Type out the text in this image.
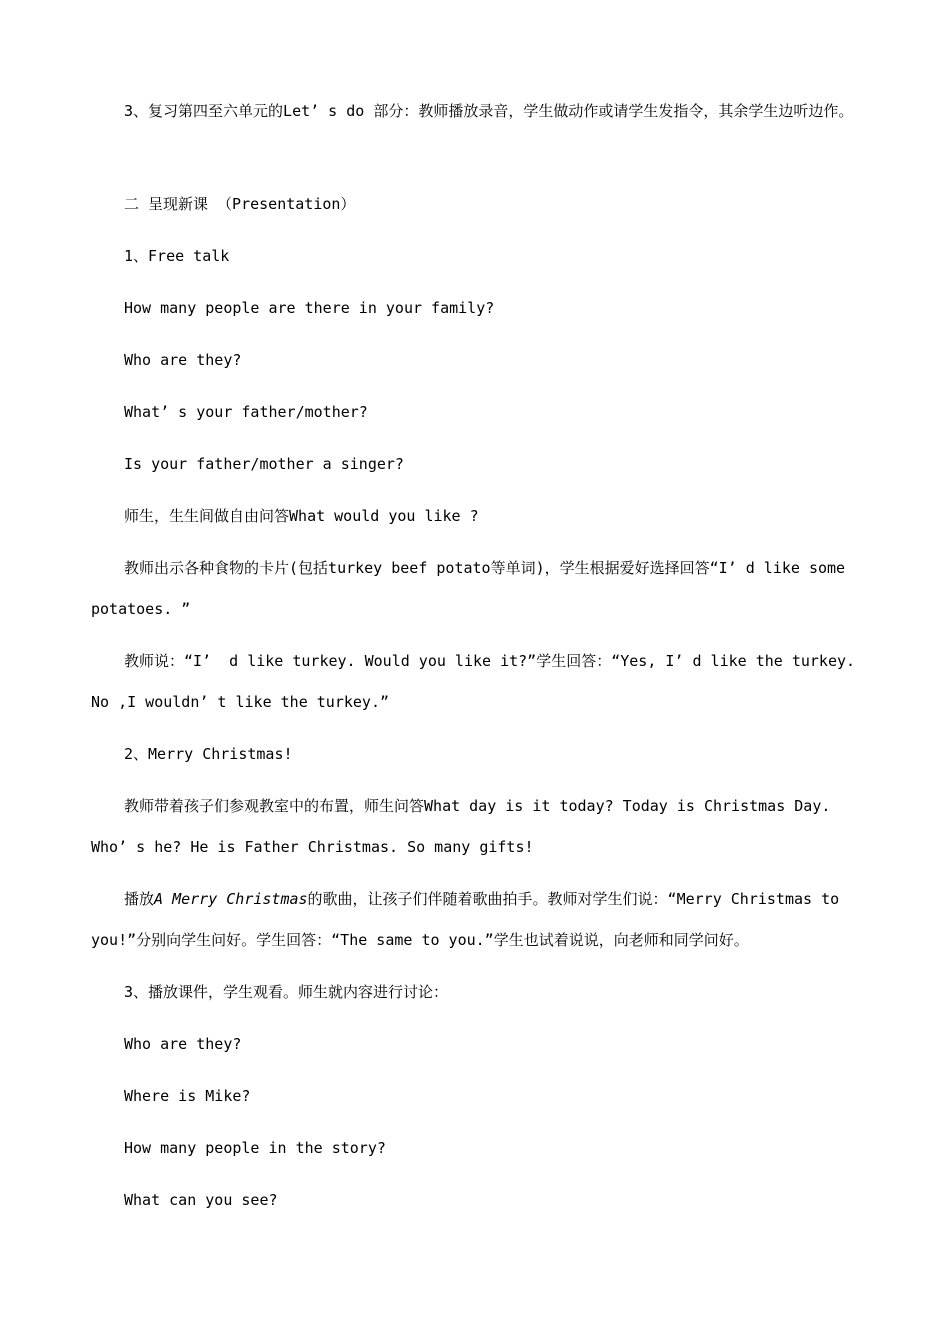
3、复习第四至六单元的Let’ s do 部分：教师播放录音，学生做动作或请学生发指令，其余学生边听边作。
二 呈现新课 （Presentation）
1、Free talk
How many people are there in your family?
Who are they?
What’ s your father/mother?
Is your father/mother a singer?
师生，生生间做自由问答What would you like ?
教师出示各种食物的卡片(包括turkey beef potato等单词)，学生根据爱好选择回答“I’ d like some potatoes. ”
教师说：“I’  d like turkey. Would you like it?”学生回答：“Yes, I’ d like the turkey. No ,I wouldn’ t like the turkey.”
2、Merry Christmas!
教师带着孩子们参观教室中的布置，师生问答What day is it today? Today is Christmas Day. Who’ s he? He is Father Christmas. So many gifts!
播放A Merry Christmas的歌曲，让孩子们伴随着歌曲拍手。教师对学生们说：“Merry Christmas to you!”分别向学生问好。学生回答：“The same to you.”学生也试着说说，向老师和同学问好。
3、播放课件，学生观看。师生就内容进行讨论：
Who are they?
Where is Mike?
How many people in the story?
What can you see?
